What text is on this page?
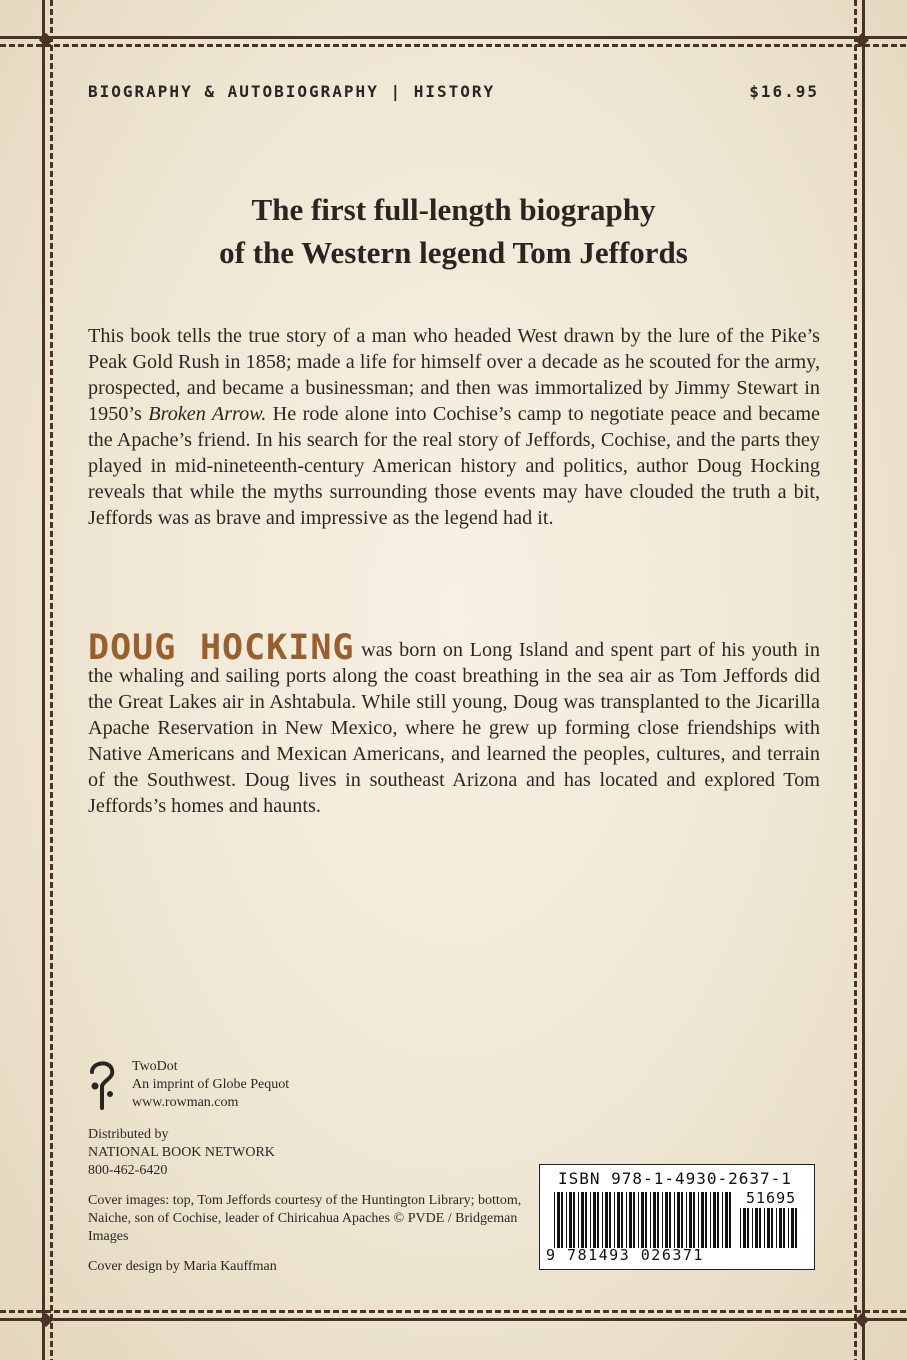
BIOGRAPHY & AUTOBIOGRAPHY | HISTORY	$16.95
The first full-length biography
of the Western legend Tom Jeffords
This book tells the true story of a man who headed West drawn by the lure of the Pike’s Peak Gold Rush in 1858; made a life for himself over a decade as he scouted for the army, prospected, and became a businessman; and then was immortalized by Jimmy Stewart in 1950’s Broken Arrow. He rode alone into Cochise’s camp to negotiate peace and became the Apache’s friend. In his search for the real story of Jeffords, Cochise, and the parts they played in mid-nineteenth-century American history and politics, author Doug Hocking reveals that while the myths surrounding those events may have clouded the truth a bit, Jeffords was as brave and impressive as the legend had it.
DOUG HOCKING was born on Long Island and spent part of his youth in the whaling and sailing ports along the coast breathing in the sea air as Tom Jeffords did the Great Lakes air in Ashtabula. While still young, Doug was transplanted to the Jicarilla Apache Reservation in New Mexico, where he grew up forming close friendships with Native Americans and Mexican Americans, and learned the peoples, cultures, and terrain of the Southwest. Doug lives in southeast Arizona and has located and explored Tom Jeffords’s homes and haunts.
TwoDot
An imprint of Globe Pequot
www.rowman.com
Distributed by
NATIONAL BOOK NETWORK
800-462-6420
Cover images: top, Tom Jeffords courtesy of the Huntington Library; bottom, Naiche, son of Cochise, leader of Chiricahua Apaches © PVDE / Bridgeman Images
Cover design by Maria Kauffman
ISBN 978-1-4930-2637-1
51695
9 781493 026371
